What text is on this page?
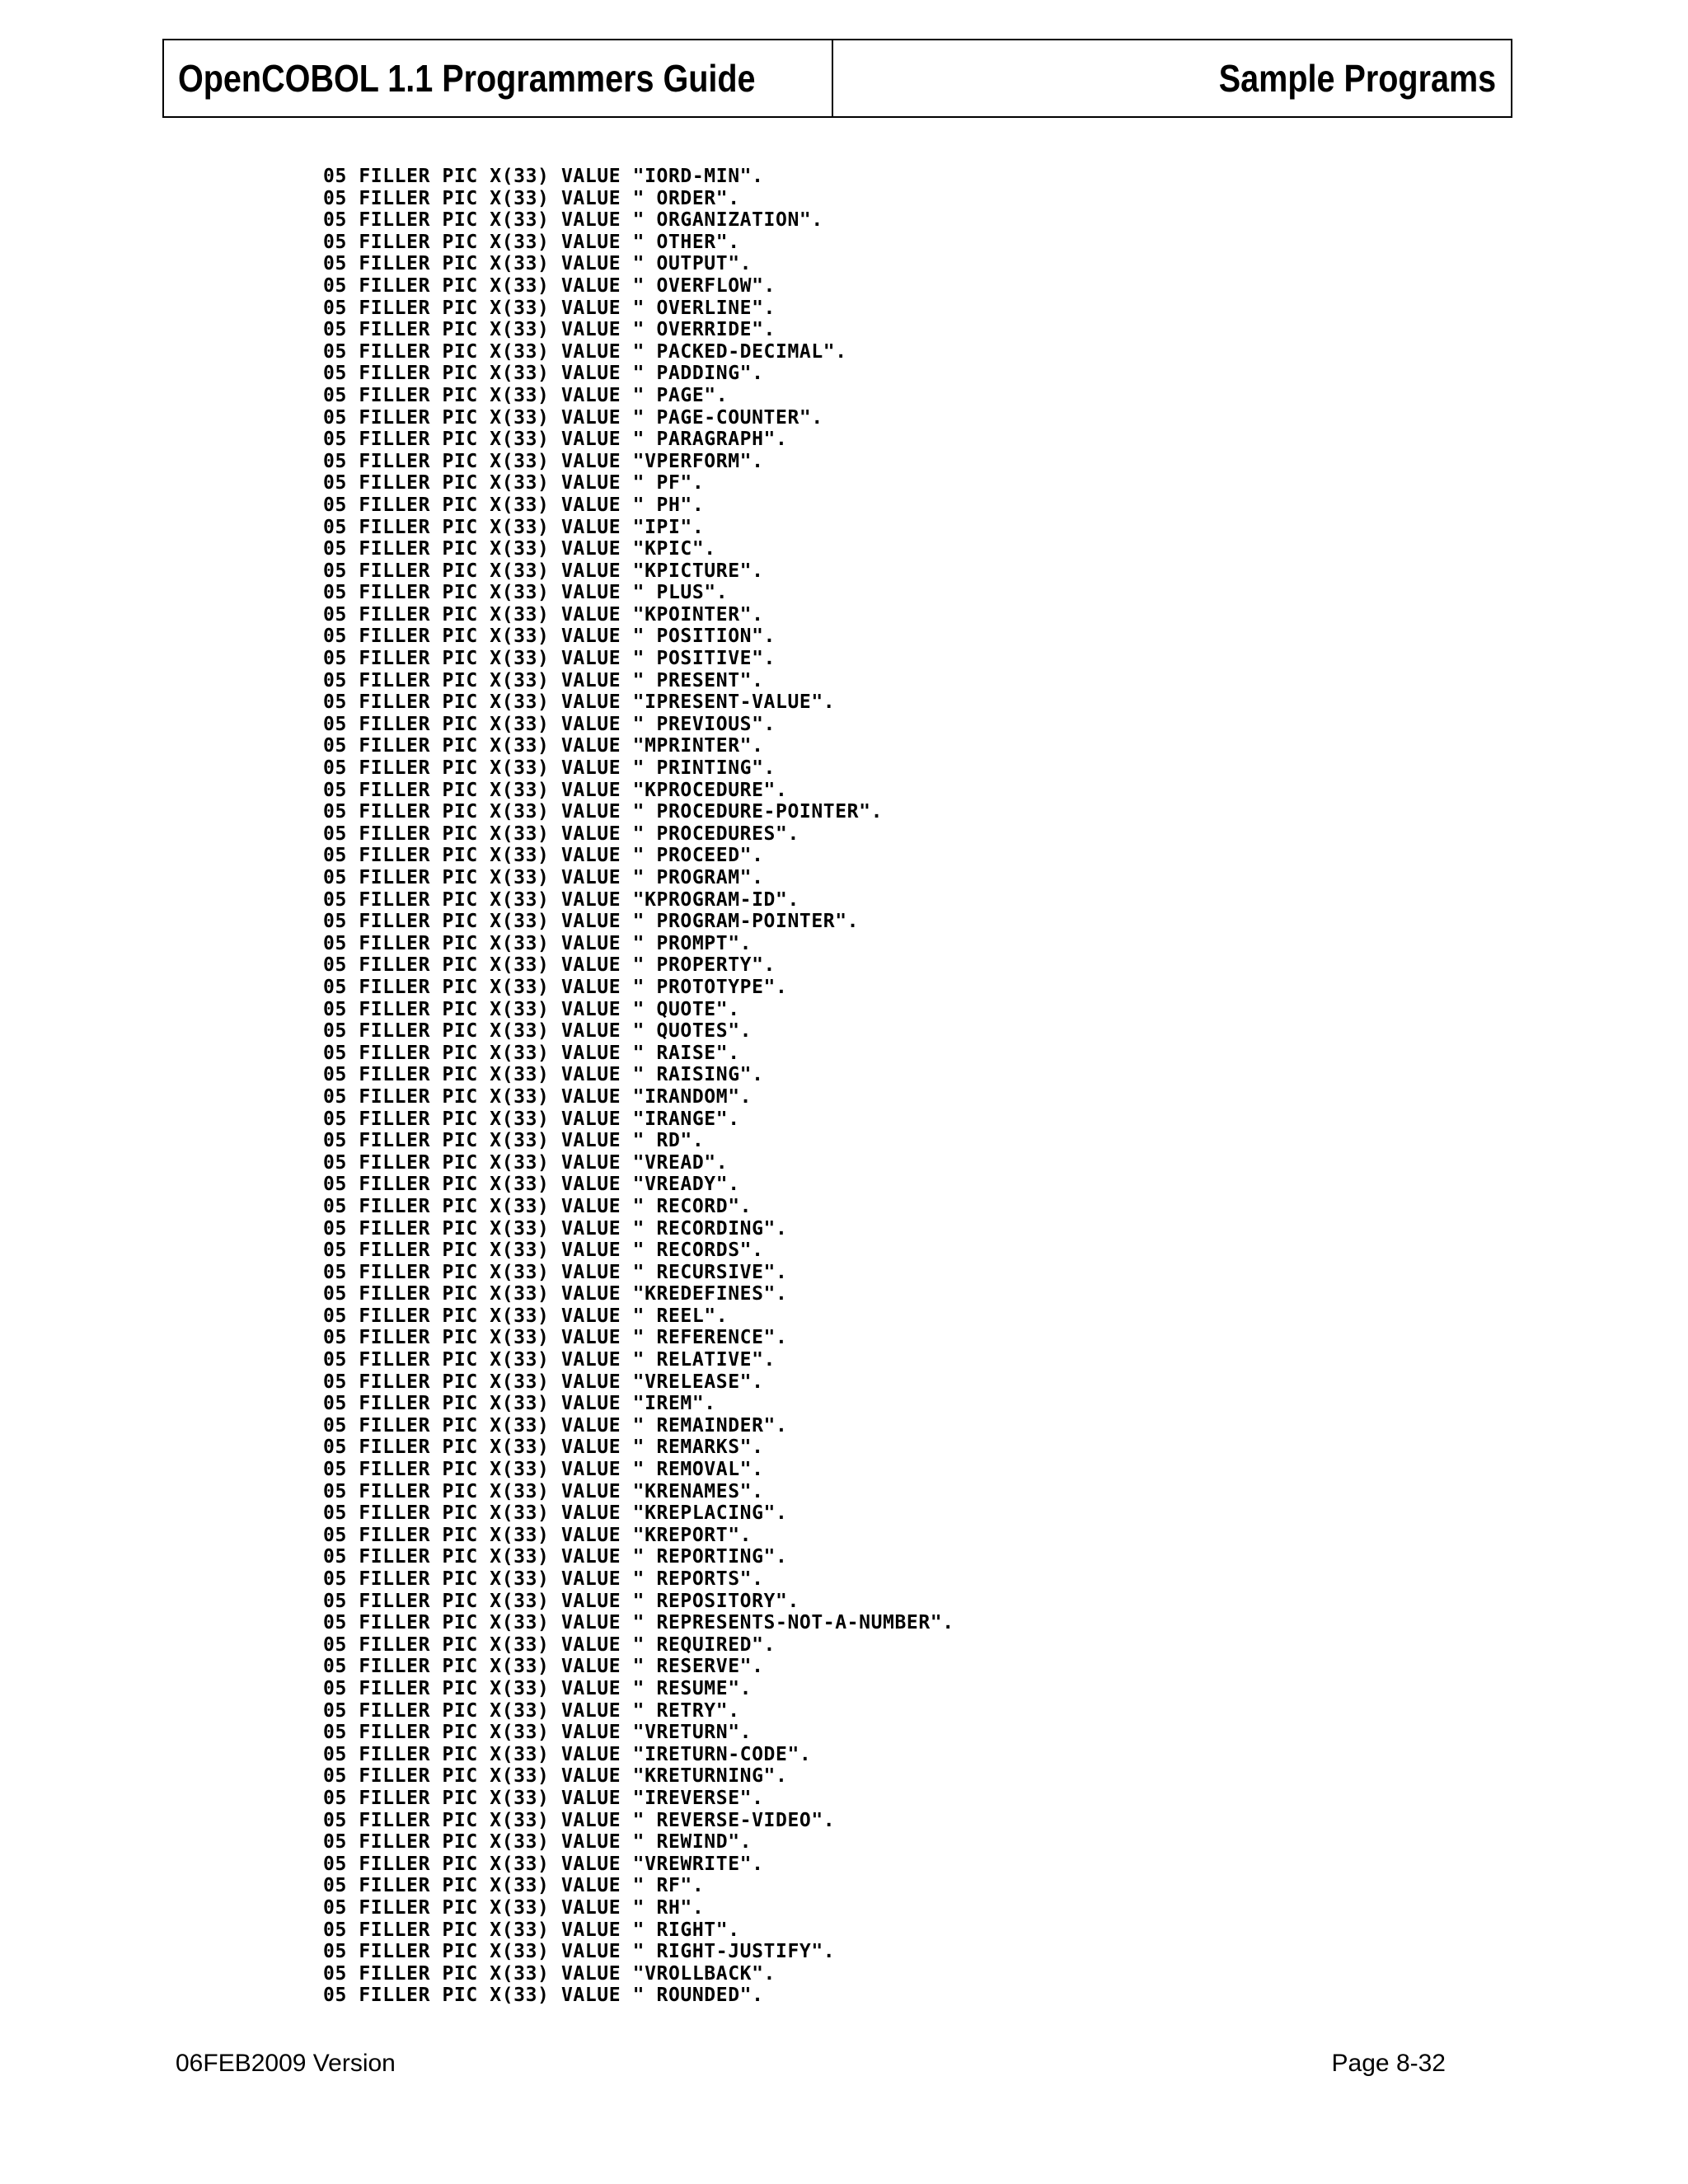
OpenCOBOL 1.1 Programmers Guide	Sample Programs
05 FILLER PIC X(33) VALUE "IORD-MIN".
05 FILLER PIC X(33) VALUE " ORDER".
05 FILLER PIC X(33) VALUE " ORGANIZATION".
05 FILLER PIC X(33) VALUE " OTHER".
05 FILLER PIC X(33) VALUE " OUTPUT".
05 FILLER PIC X(33) VALUE " OVERFLOW".
05 FILLER PIC X(33) VALUE " OVERLINE".
05 FILLER PIC X(33) VALUE " OVERRIDE".
05 FILLER PIC X(33) VALUE " PACKED-DECIMAL".
05 FILLER PIC X(33) VALUE " PADDING".
05 FILLER PIC X(33) VALUE " PAGE".
05 FILLER PIC X(33) VALUE " PAGE-COUNTER".
05 FILLER PIC X(33) VALUE " PARAGRAPH".
05 FILLER PIC X(33) VALUE "VPERFORM".
05 FILLER PIC X(33) VALUE " PF".
05 FILLER PIC X(33) VALUE " PH".
05 FILLER PIC X(33) VALUE "IPI".
05 FILLER PIC X(33) VALUE "KPIC".
05 FILLER PIC X(33) VALUE "KPICTURE".
05 FILLER PIC X(33) VALUE " PLUS".
05 FILLER PIC X(33) VALUE "KPOINTER".
05 FILLER PIC X(33) VALUE " POSITION".
05 FILLER PIC X(33) VALUE " POSITIVE".
05 FILLER PIC X(33) VALUE " PRESENT".
05 FILLER PIC X(33) VALUE "IPRESENT-VALUE".
05 FILLER PIC X(33) VALUE " PREVIOUS".
05 FILLER PIC X(33) VALUE "MPRINTER".
05 FILLER PIC X(33) VALUE " PRINTING".
05 FILLER PIC X(33) VALUE "KPROCEDURE".
05 FILLER PIC X(33) VALUE " PROCEDURE-POINTER".
05 FILLER PIC X(33) VALUE " PROCEDURES".
05 FILLER PIC X(33) VALUE " PROCEED".
05 FILLER PIC X(33) VALUE " PROGRAM".
05 FILLER PIC X(33) VALUE "KPROGRAM-ID".
05 FILLER PIC X(33) VALUE " PROGRAM-POINTER".
05 FILLER PIC X(33) VALUE " PROMPT".
05 FILLER PIC X(33) VALUE " PROPERTY".
05 FILLER PIC X(33) VALUE " PROTOTYPE".
05 FILLER PIC X(33) VALUE " QUOTE".
05 FILLER PIC X(33) VALUE " QUOTES".
05 FILLER PIC X(33) VALUE " RAISE".
05 FILLER PIC X(33) VALUE " RAISING".
05 FILLER PIC X(33) VALUE "IRANDOM".
05 FILLER PIC X(33) VALUE "IRANGE".
05 FILLER PIC X(33) VALUE " RD".
05 FILLER PIC X(33) VALUE "VREAD".
05 FILLER PIC X(33) VALUE "VREADY".
05 FILLER PIC X(33) VALUE " RECORD".
05 FILLER PIC X(33) VALUE " RECORDING".
05 FILLER PIC X(33) VALUE " RECORDS".
05 FILLER PIC X(33) VALUE " RECURSIVE".
05 FILLER PIC X(33) VALUE "KREDEFINES".
05 FILLER PIC X(33) VALUE " REEL".
05 FILLER PIC X(33) VALUE " REFERENCE".
05 FILLER PIC X(33) VALUE " RELATIVE".
05 FILLER PIC X(33) VALUE "VRELEASE".
05 FILLER PIC X(33) VALUE "IREM".
05 FILLER PIC X(33) VALUE " REMAINDER".
05 FILLER PIC X(33) VALUE " REMARKS".
05 FILLER PIC X(33) VALUE " REMOVAL".
05 FILLER PIC X(33) VALUE "KRENAMES".
05 FILLER PIC X(33) VALUE "KREPLACING".
05 FILLER PIC X(33) VALUE "KREPORT".
05 FILLER PIC X(33) VALUE " REPORTING".
05 FILLER PIC X(33) VALUE " REPORTS".
05 FILLER PIC X(33) VALUE " REPOSITORY".
05 FILLER PIC X(33) VALUE " REPRESENTS-NOT-A-NUMBER".
05 FILLER PIC X(33) VALUE " REQUIRED".
05 FILLER PIC X(33) VALUE " RESERVE".
05 FILLER PIC X(33) VALUE " RESUME".
05 FILLER PIC X(33) VALUE " RETRY".
05 FILLER PIC X(33) VALUE "VRETURN".
05 FILLER PIC X(33) VALUE "IRETURN-CODE".
05 FILLER PIC X(33) VALUE "KRETURNING".
05 FILLER PIC X(33) VALUE "IREVERSE".
05 FILLER PIC X(33) VALUE " REVERSE-VIDEO".
05 FILLER PIC X(33) VALUE " REWIND".
05 FILLER PIC X(33) VALUE "VREWRITE".
05 FILLER PIC X(33) VALUE " RF".
05 FILLER PIC X(33) VALUE " RH".
05 FILLER PIC X(33) VALUE " RIGHT".
05 FILLER PIC X(33) VALUE " RIGHT-JUSTIFY".
05 FILLER PIC X(33) VALUE "VROLLBACK".
05 FILLER PIC X(33) VALUE " ROUNDED".
06FEB2009 Version	Page 8-32
